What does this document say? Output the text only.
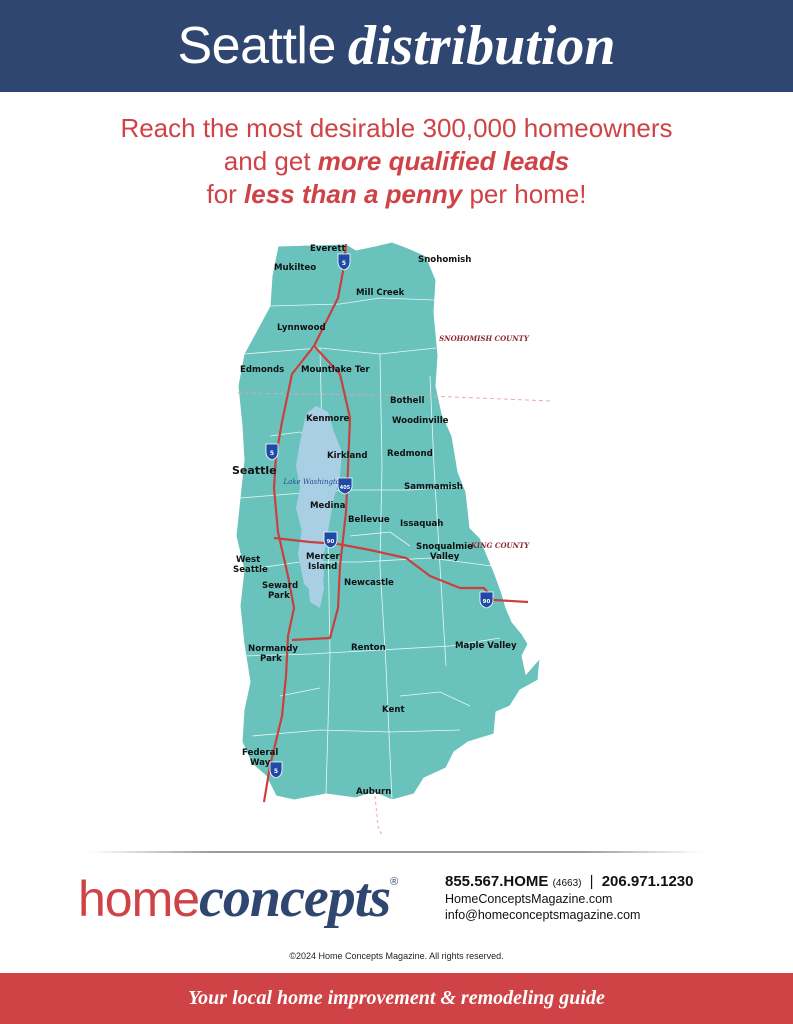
Seattle distribution
Reach the most desirable 300,000 homeowners
and get more qualified leads
for less than a penny per home!
5
5
405
90
90
5
SNOHOMISH COUNTY
KING COUNTY
Lake Washington
Everett
Mukilteo
Snohomish
Mill Creek
Lynnwood
Edmonds Mountlake Ter
Bothell
Kenmore	Woodinville
Seattle
Kirkland Redmond
Sammamish
Medina
Bellevue Issaquah
West Seattle
Mercer Island
Snoqualmie Valley
Newcastle
Seward Park
Normandy Park
Renton	Maple Valley
Kent
Federal Way
Auburn
homeconcepts®	855.567.HOME (4663) | 206.971.1230
HomeConceptsMagazine.com
info@homeconceptsmagazine.com
©2024 Home Concepts Magazine. All rights reserved.
Your local home improvement & remodeling guide
